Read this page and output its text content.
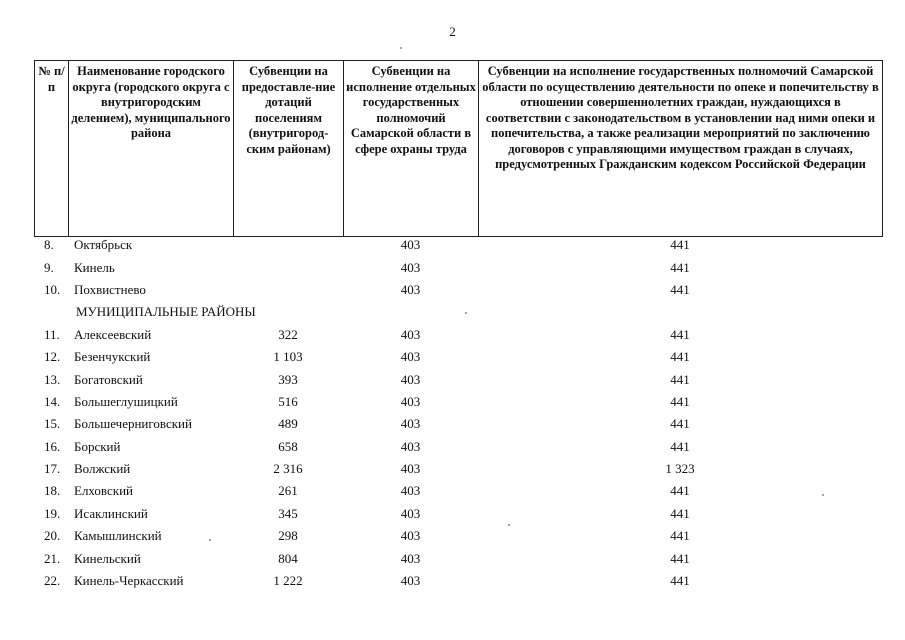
2
№ п/п	Наименование городского округа (городского округа с внутригородским делением), муниципального района	Субвенции на предоставле-ние дотаций поселениям (внутригород-ским районам)	Субвенции на исполнение отдельных государственных полномочий Самарской области в сфере охраны труда	Субвенции на исполнение государственных полномочий Самарской области по осуществлению деятельности по опеке и попечительству в отношении совершеннолетних граждан, нуждающихся в соответствии с законодательством в установлении над ними опеки и попечительства, а также реализации мероприятий по заключению договоров с управляющими имуществом граждан в случаях, предусмотренных Гражданским кодексом Российской Федерации
8.	Октябрьск		403	441
9.	Кинель		403	441
10.	Похвистнево		403	441
МУНИЦИПАЛЬНЫЕ РАЙОНЫ				
11.	Алексеевский	322	403	441
12.	Безенчукский	1 103	403	441
13.	Богатовский	393	403	441
14.	Большеглушицкий	516	403	441
15.	Большечерниговский	489	403	441
16.	Борский	658	403	441
17.	Волжский	2 316	403	1 323
18.	Елховский	261	403	441
19.	Исаклинский	345	403	441
20.	Камышлинский	298	403	441
21.	Кинельский	804	403	441
22.	Кинель-Черкасский	1 222	403	441
